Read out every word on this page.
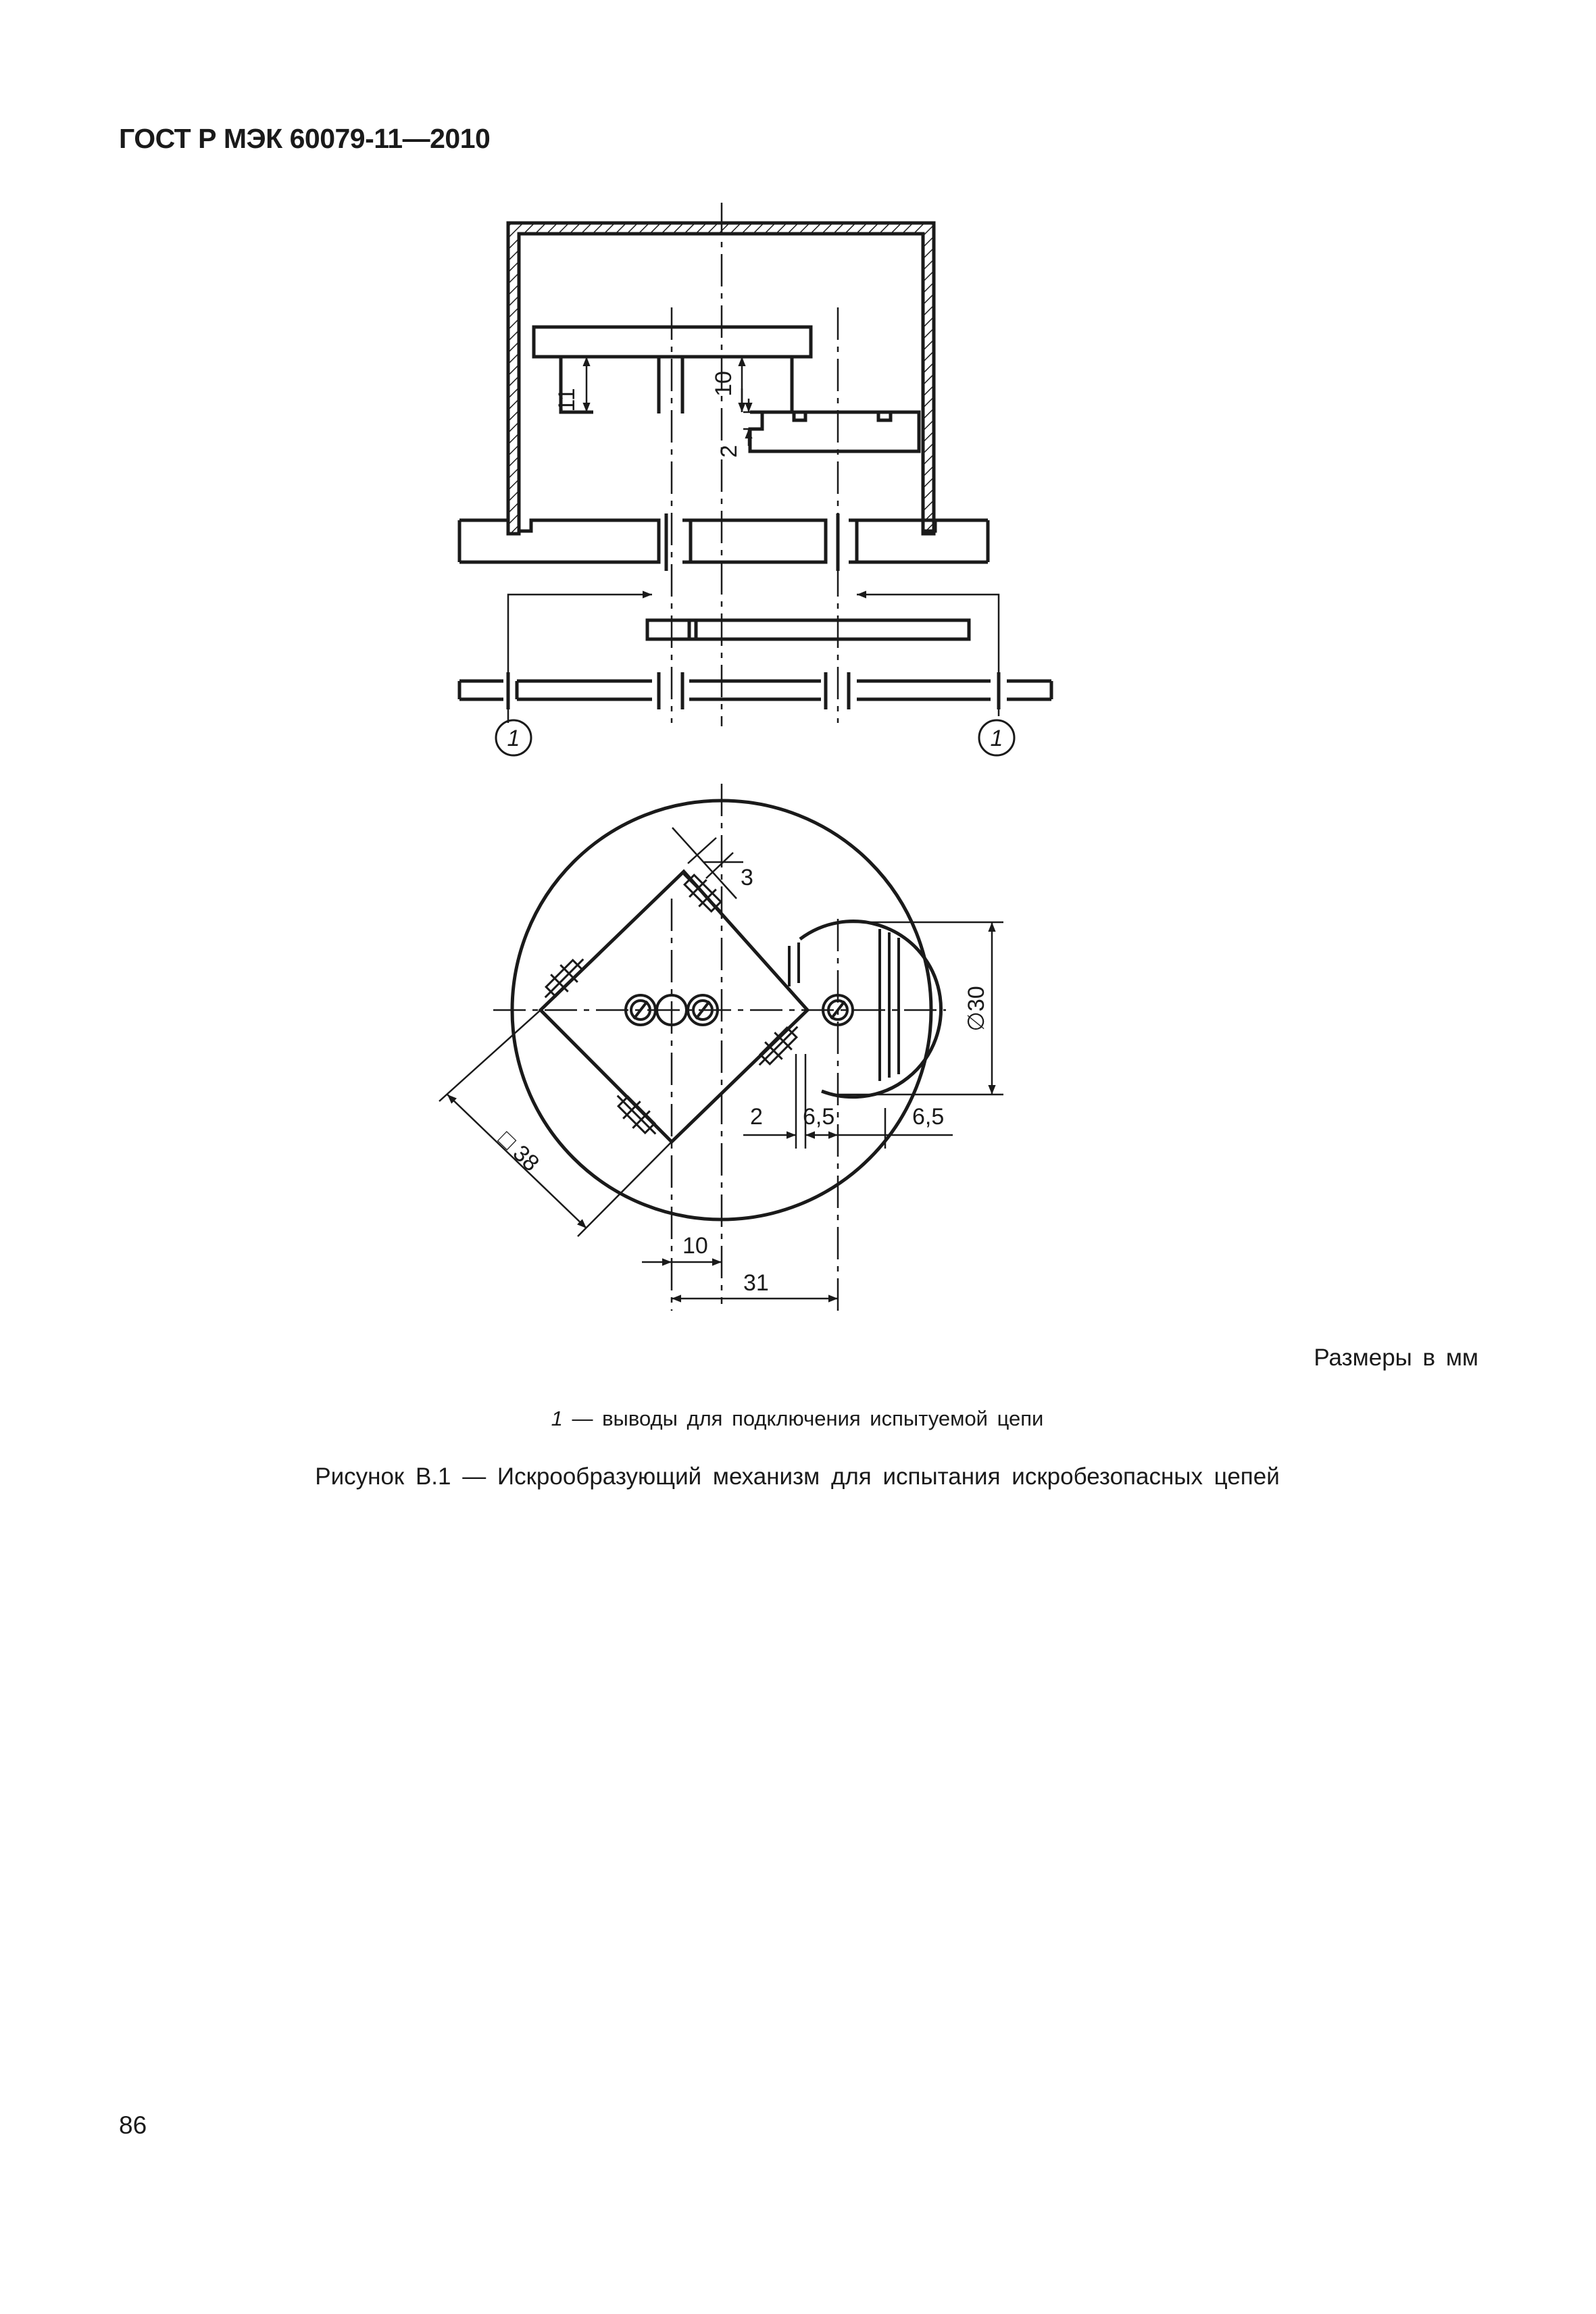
ГОСТ Р МЭК 60079-11—2010
11
10
2
3
∅30
2 6,5	6,5
□ 38
10
31
1	1
Размеры в мм
1 — выводы для подключения испытуемой цепи
Рисунок В.1 — Искрообразующий механизм для испытания искробезопасных цепей
86
